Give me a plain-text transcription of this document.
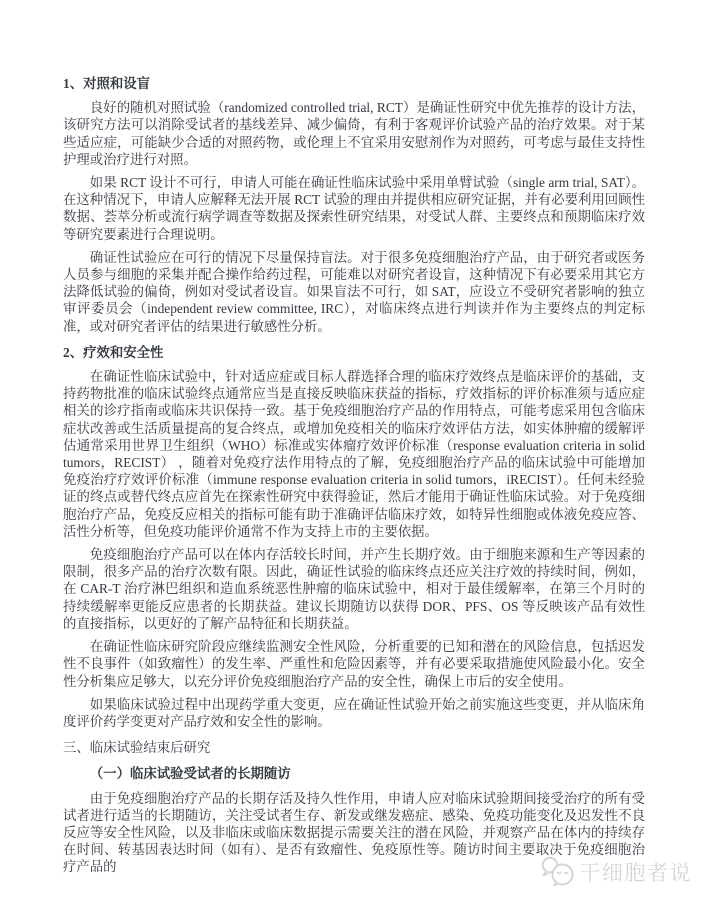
1、对照和设盲
良好的随机对照试验（randomized controlled trial, RCT）是确证性研究中优先推荐的设计方法，该研究方法可以消除受试者的基线差异、减少偏倚，有利于客观评价试验产品的治疗效果。对于某些适应症，可能缺少合适的对照药物，或伦理上不宜采用安慰剂作为对照药，可考虑与最佳支持性护理或治疗进行对照。
如果 RCT 设计不可行，申请人可能在确证性临床试验中采用单臂试验（single arm trial, SAT）。在这种情况下，申请人应解释无法开展 RCT 试验的理由并提供相应研究证据，并有必要利用回顾性数据、荟萃分析或流行病学调查等数据及探索性研究结果，对受试人群、主要终点和预期临床疗效等研究要素进行合理说明。
确证性试验应在可行的情况下尽量保持盲法。对于很多免疫细胞治疗产品，由于研究者或医务人员参与细胞的采集并配合操作给药过程，可能难以对研究者设盲，这种情况下有必要采用其它方法降低试验的偏倚，例如对受试者设盲。如果盲法不可行，如 SAT，应设立不受研究者影响的独立审评委员会（independent review committee, IRC），对临床终点进行判读并作为主要终点的判定标准，或对研究者评估的结果进行敏感性分析。
2、疗效和安全性
在确证性临床试验中，针对适应症或目标人群选择合理的临床疗效终点是临床评价的基础，支持药物批准的临床试验终点通常应当是直接反映临床获益的指标，疗效指标的评价标准须与适应症相关的诊疗指南或临床共识保持一致。基于免疫细胞治疗产品的作用特点，可能考虑采用包含临床症状改善或生活质量提高的复合终点，或增加免疫相关的临床疗效评估方法，如实体肿瘤的缓解评估通常采用世界卫生组织（WHO）标准或实体瘤疗效评价标准（response evaluation criteria in solid tumors，RECIST） ，随着对免疫疗法作用特点的了解，免疫细胞治疗产品的临床试验中可能增加免疫治疗疗效评价标准（immune response evaluation criteria in solid tumors，iRECIST）。任何未经验证的终点或替代终点应首先在探索性研究中获得验证，然后才能用于确证性临床试验。对于免疫细胞治疗产品，免疫反应相关的指标可能有助于准确评估临床疗效，如特异性细胞或体液免疫应答、活性分析等，但免疫功能评价通常不作为支持上市的主要依据。
免疫细胞治疗产品可以在体内存活较长时间，并产生长期疗效。由于细胞来源和生产等因素的限制，很多产品的治疗次数有限。因此，确证性试验的临床终点还应关注疗效的持续时间，例如，在 CAR-T 治疗淋巴组织和造血系统恶性肿瘤的临床试验中，相对于最佳缓解率，在第三个月时的持续缓解率更能反应患者的长期获益。建议长期随访以获得 DOR、PFS、OS 等反映该产品有效性的直接指标，以更好的了解产品特征和长期获益。
在确证性临床研究阶段应继续监测安全性风险，分析重要的已知和潜在的风险信息，包括迟发性不良事件（如致瘤性）的发生率、严重性和危险因素等，并有必要采取措施使风险最小化。安全性分析集应足够大，以充分评价免疫细胞治疗产品的安全性，确保上市后的安全使用。
如果临床试验过程中出现药学重大变更，应在确证性试验开始之前实施这些变更，并从临床角度评价药学变更对产品疗效和安全性的影响。
三、临床试验结束后研究
（一）临床试验受试者的长期随访
由于免疫细胞治疗产品的长期存活及持久性作用，申请人应对临床试验期间接受治疗的所有受试者进行适当的长期随访，关注受试者生存、新发或继发癌症、感染、免疫功能变化及迟发性不良反应等安全性风险，以及非临床或临床数据提示需要关注的潜在风险，并观察产品在体内的持续存在时间、转基因表达时间（如有）、是否有致瘤性、免疫原性等。随访时间主要取决于免疫细胞治疗产品的	干细胞者说
